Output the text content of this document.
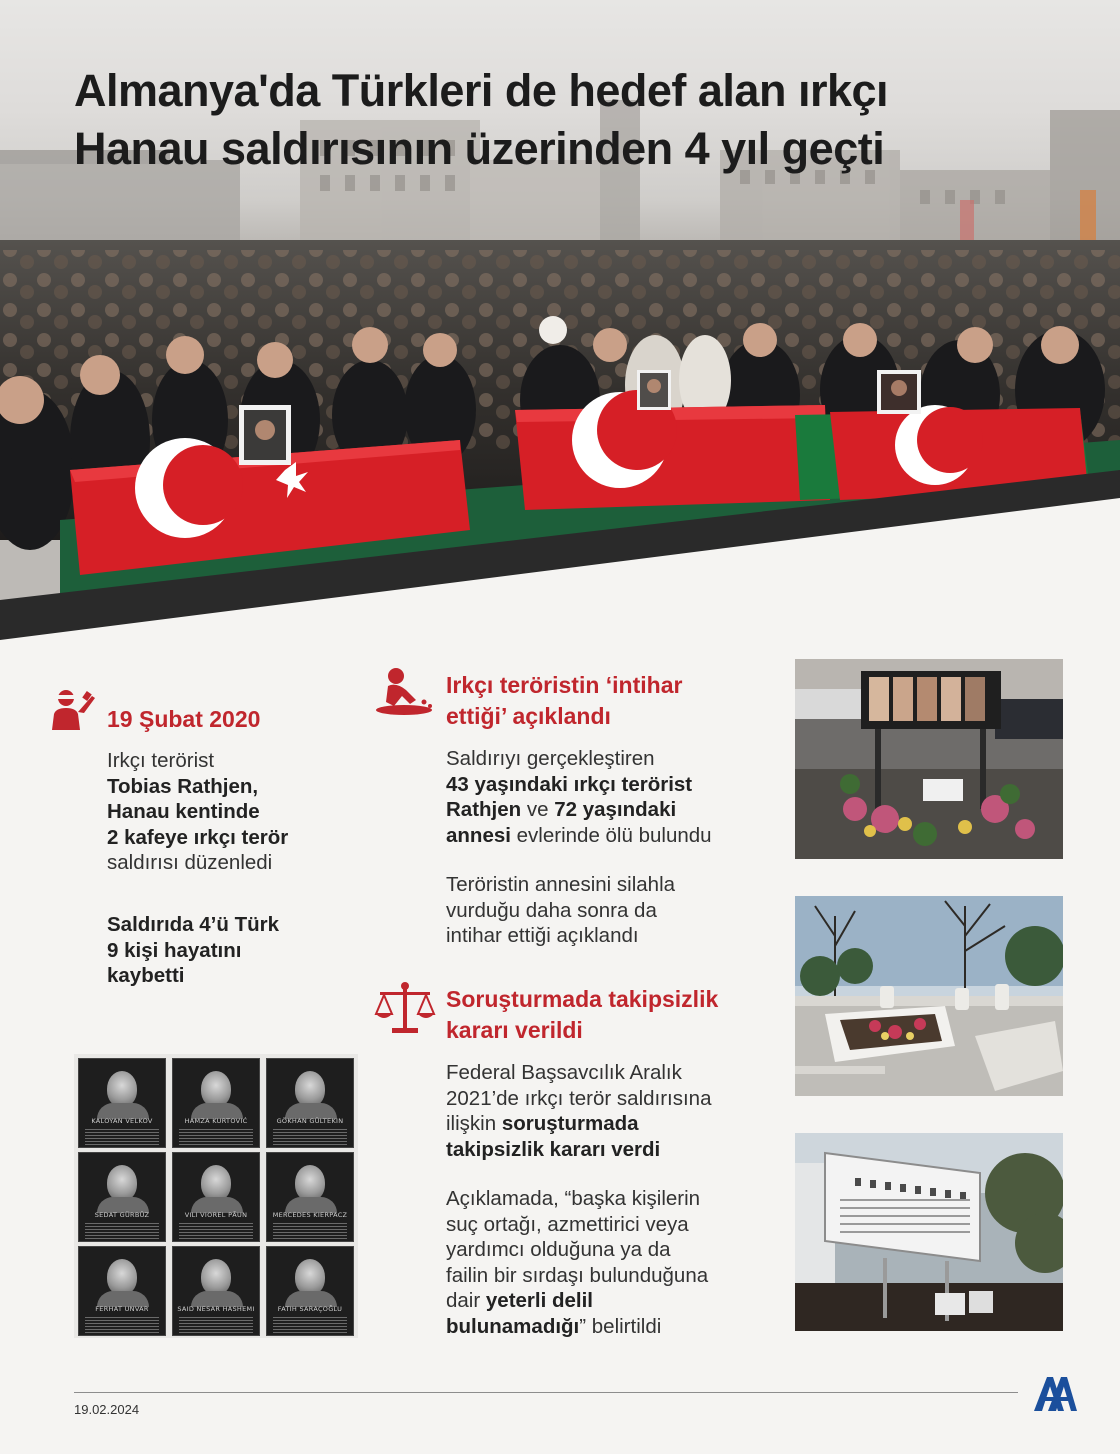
Almanya'da Türkleri de hedef alan ırkçı
Hanau saldırısının üzerinden 4 yıl geçti
19 Şubat 2020
Irkçı terörist
Tobias Rathjen,
Hanau kentinde
2 kafeye ırkçı terör
saldırısı düzenledi
Saldırıda 4’ü Türk
9 kişi hayatını
kaybetti
KALOYAN VELKOV	HAMZA KURTOVIĆ	GÖKHAN GÜLTEKIN
SEDAT GÜRBÜZ	VILI VIOREL PĂUN	MERCEDES KIERPACZ
FERHAT UNVAR	SAID NESAR HASHEMI	FATIH SARAÇOĞLU
Irkçı teröristin ‘intihar
ettiği’ açıklandı
Saldırıyı gerçekleştiren
43 yaşındaki ırkçı terörist
Rathjen ve 72 yaşındaki
annesi evlerinde ölü bulundu
Teröristin annesini silahla
vurduğu daha sonra da
intihar ettiği açıklandı
Soruşturmada takipsizlik
kararı verildi
Federal Başsavcılık Aralık
2021’de ırkçı terör saldırısına
ilişkin soruşturmada
takipsizlik kararı verdi
Açıklamada, “başka kişilerin
suç ortağı, azmettirici veya
yardımcı olduğuna ya da
failin bir sırdaşı bulunduğuna
dair yeterli delil
bulunamadığı” belirtildi
19.02.2024
